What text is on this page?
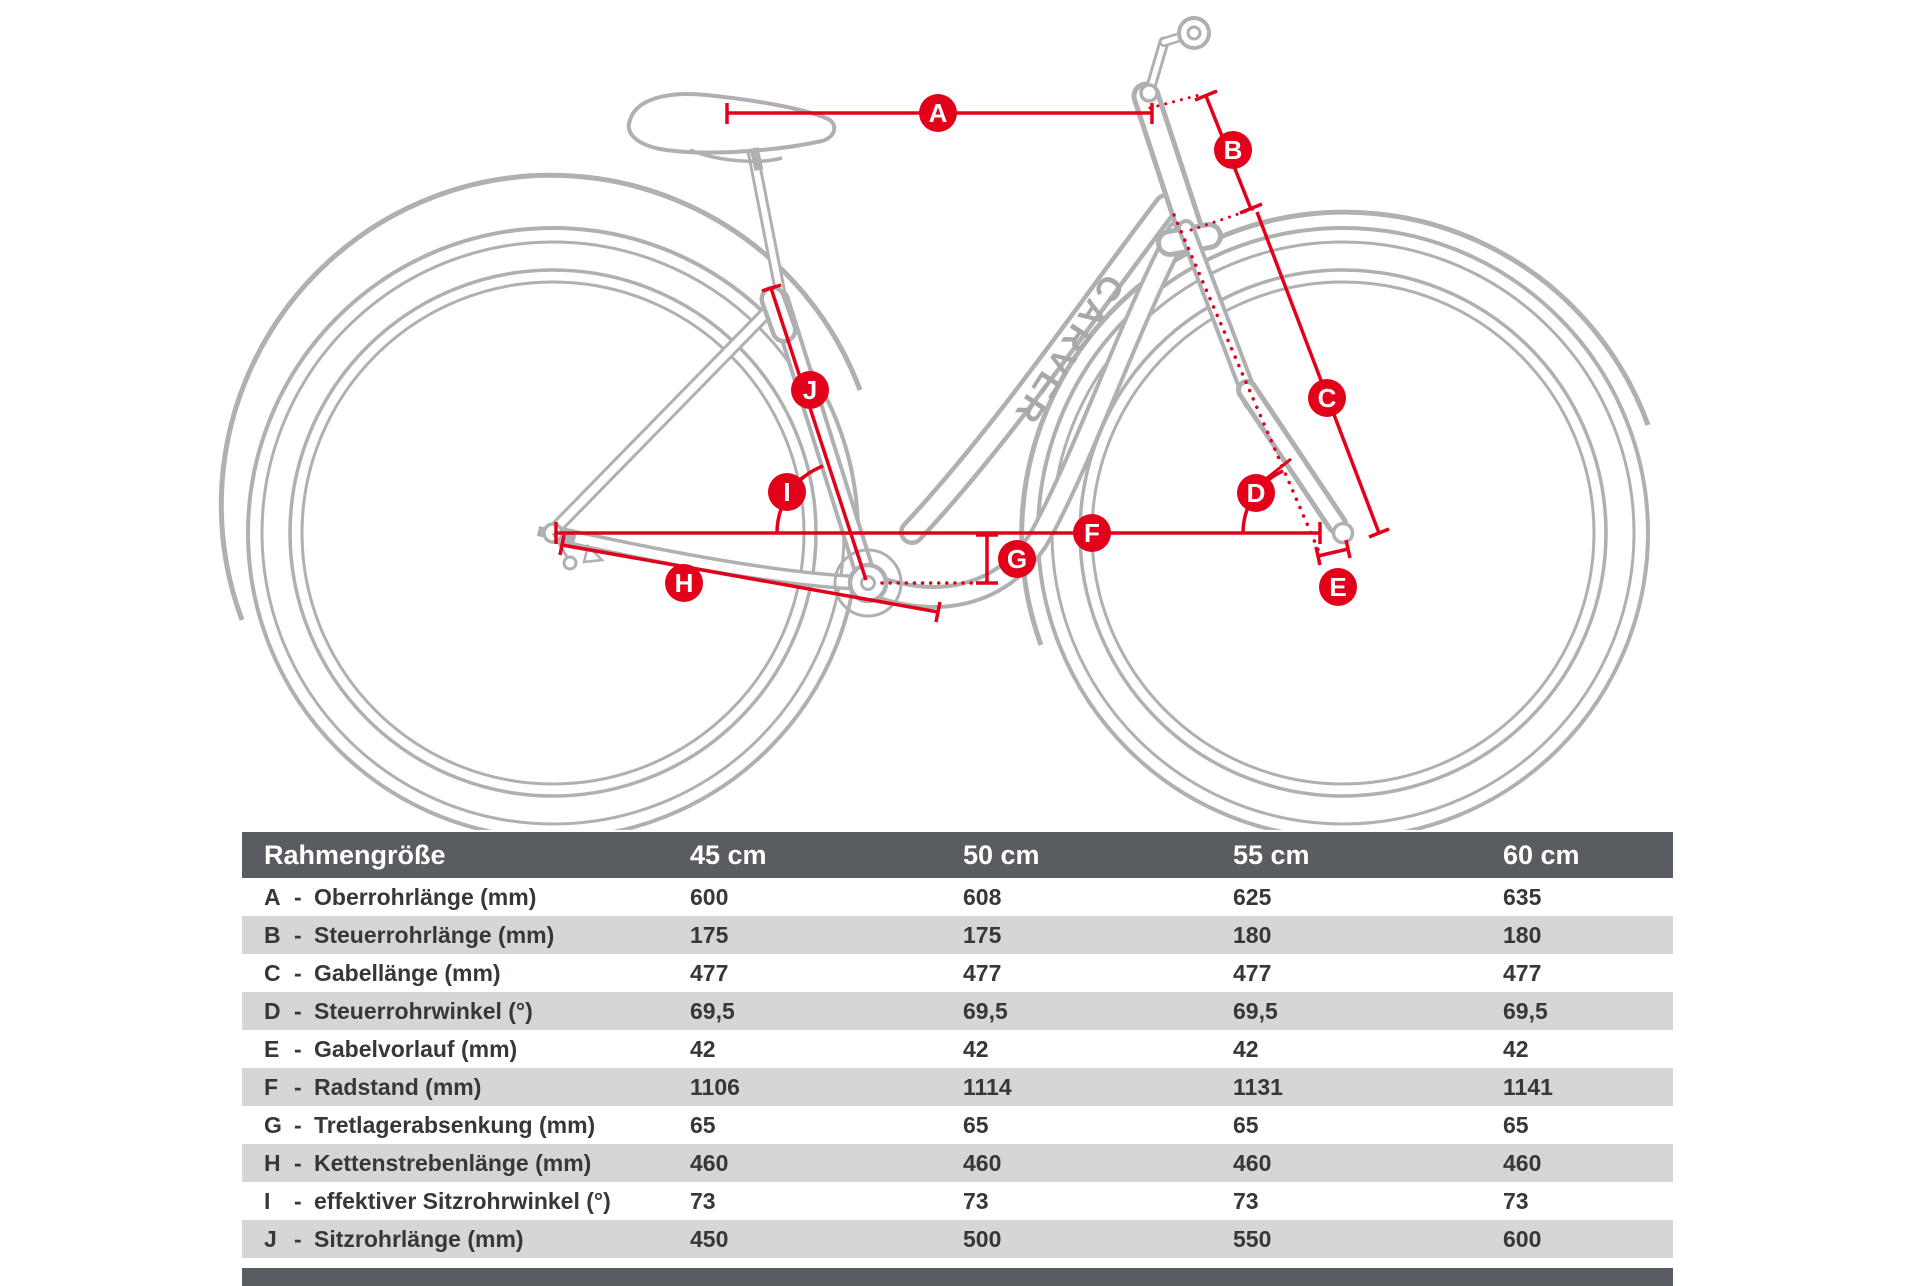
CARVER
A
B
C
D
E
F
G
H
I
J
Rahmengröße	45 cm	50 cm	55 cm	60 cm
A - Oberrohrlänge (mm)	600	608	625	635
B - Steuerrohrlänge (mm)	175	175	180	180
C - Gabellänge (mm)	477	477	477	477
D - Steuerrohrwinkel (°)	69,5	69,5	69,5	69,5
E - Gabelvorlauf (mm)	42	42	42	42
F - Radstand (mm)	1106	1114	1131	1141
G - Tretlagerabsenkung (mm)	65	65	65	65
H - Kettenstrebenlänge (mm)	460	460	460	460
I	- effektiver Sitzrohrwinkel (°)	73	73	73	73
J - Sitzrohrlänge (mm)	450	500	550	600
